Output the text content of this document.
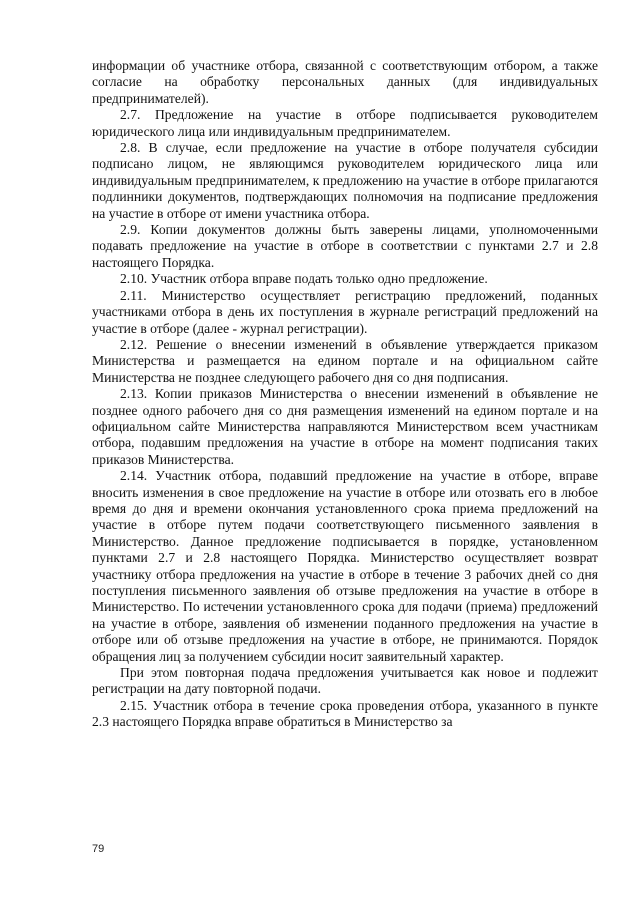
информации об участнике отбора, связанной с соответствующим отбором, а также согласие на обработку персональных данных (для индивидуальных предпринимателей).

2.7. Предложение на участие в отборе подписывается руководителем юридического лица или индивидуальным предпринимателем.

2.8. В случае, если предложение на участие в отборе получателя субсидии подписано лицом, не являющимся руководителем юридического лица или индивидуальным предпринимателем, к предложению на участие в отборе прилагаются подлинники документов, подтверждающих полномочия на подписание предложения на участие в отборе от имени участника отбора.

2.9. Копии документов должны быть заверены лицами, уполномоченными подавать предложение на участие в отборе в соответствии с пунктами 2.7 и 2.8 настоящего Порядка.

2.10. Участник отбора вправе подать только одно предложение.

2.11. Министерство осуществляет регистрацию предложений, поданных участниками отбора в день их поступления в журнале регистраций предложений на участие в отборе (далее - журнал регистрации).

2.12. Решение о внесении изменений в объявление утверждается приказом Министерства и размещается на едином портале и на официальном сайте Министерства не позднее следующего рабочего дня со дня подписания.

2.13. Копии приказов Министерства о внесении изменений в объявление не позднее одного рабочего дня со дня размещения изменений на едином портале и на официальном сайте Министерства направляются Министерством всем участникам отбора, подавшим предложения на участие в отборе на момент подписания таких приказов Министерства.

2.14. Участник отбора, подавший предложение на участие в отборе, вправе вносить изменения в свое предложение на участие в отборе или отозвать его в любое время до дня и времени окончания установленного срока приема предложений на участие в отборе путем подачи соответствующего письменного заявления в Министерство. Данное предложение подписывается в порядке, установленном пунктами 2.7 и 2.8 настоящего Порядка. Министерство осуществляет возврат участнику отбора предложения на участие в отборе в течение 3 рабочих дней со дня поступления письменного заявления об отзыве предложения на участие в отборе в Министерство. По истечении установленного срока для подачи (приема) предложений на участие в отборе, заявления об изменении поданного предложения на участие в отборе или об отзыве предложения на участие в отборе, не принимаются. Порядок обращения лиц за получением субсидии носит заявительный характер.

При этом повторная подача предложения учитывается как новое и подлежит регистрации на дату повторной подачи.

2.15. Участник отбора в течение срока проведения отбора, указанного в пункте 2.3 настоящего Порядка вправе обратиться в Министерство за

79
